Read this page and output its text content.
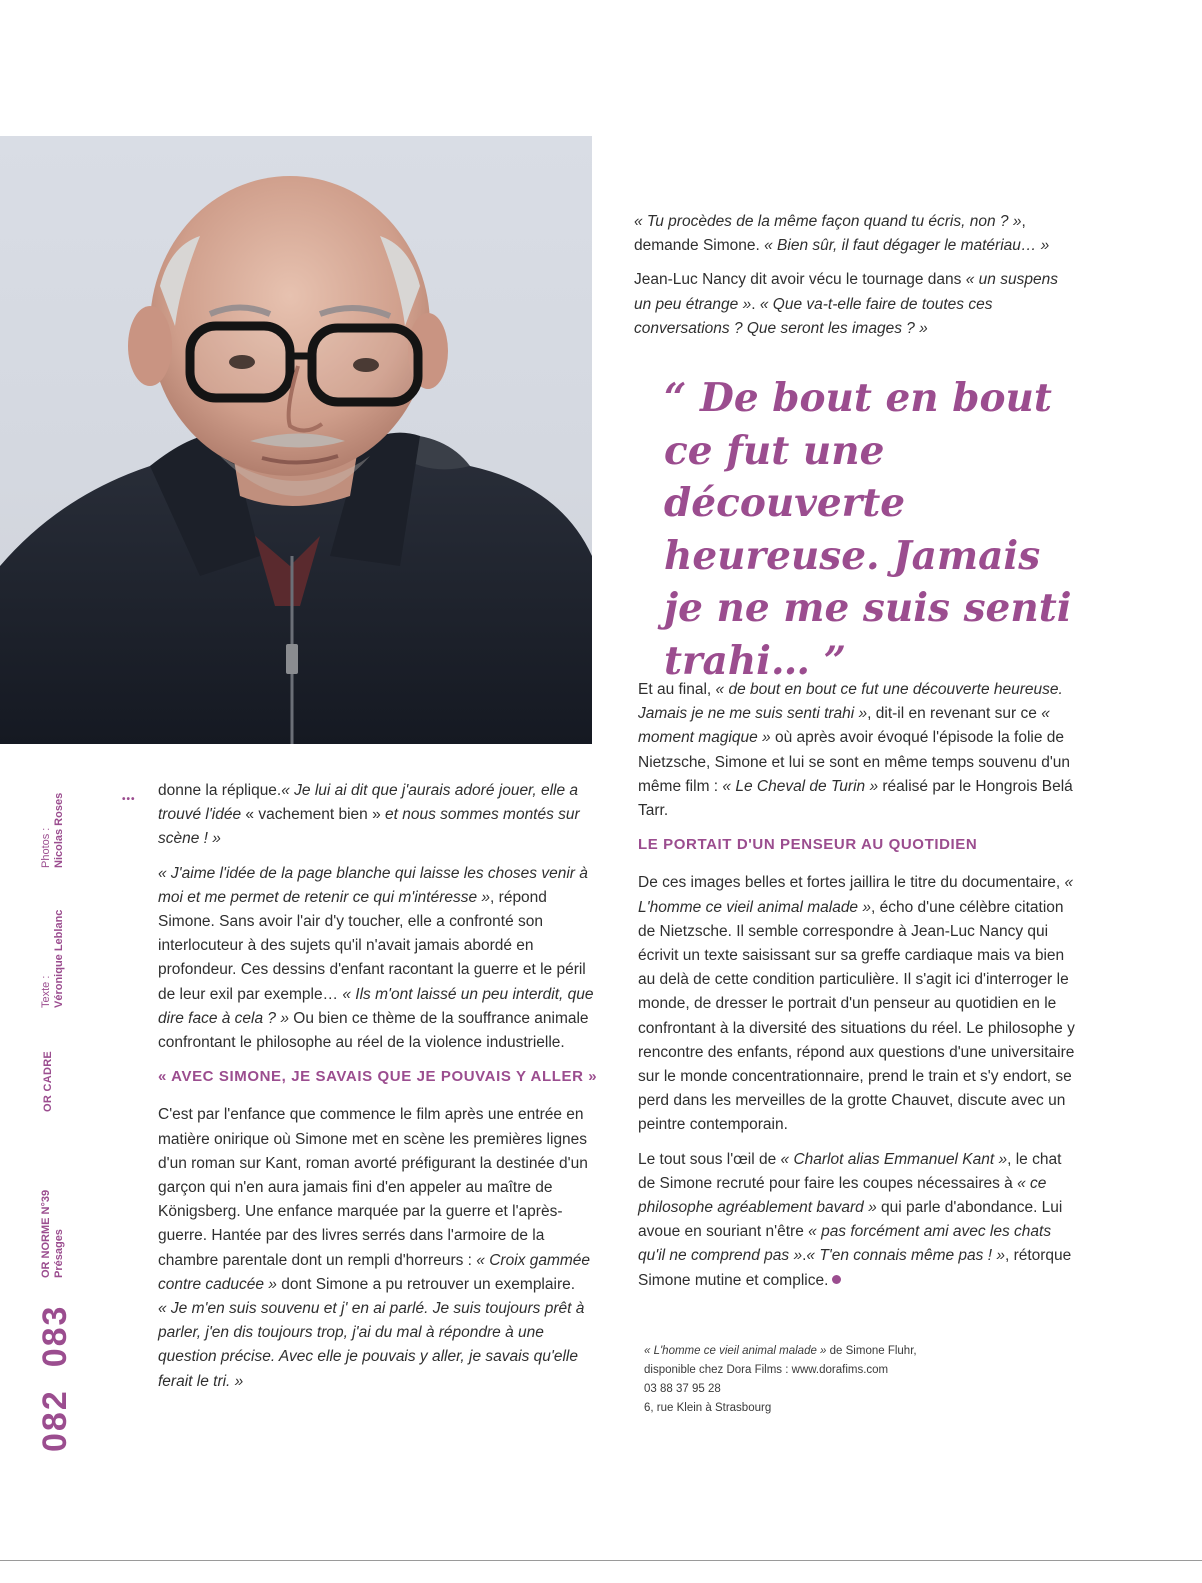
Photos :
Nicolas Roses
Texte :
Véronique Leblanc
OR CADRE
OR NORME N°39
Présages
082083
•••

donne la réplique.« Je lui ai dit que j'aurais adoré jouer, elle a trouvé l'idée « vachement bien » et nous sommes montés sur scène ! »

« J'aime l'idée de la page blanche qui laisse les choses venir à moi et me permet de retenir ce qui m'intéresse », répond Simone. Sans avoir l'air d'y toucher, elle a confronté son interlocuteur à des sujets qu'il n'avait jamais abordé en profondeur. Ces dessins d'enfant racontant la guerre et le péril de leur exil par exemple… « Ils m'ont laissé un peu interdit, que dire face à cela ? » Ou bien ce thème de la souffrance animale confrontant le philosophe au réel de la violence industrielle.

« AVEC SIMONE, JE SAVAIS QUE JE POUVAIS Y ALLER »

C'est par l'enfance que commence le film après une entrée en matière onirique où Simone met en scène les premières lignes d'un roman sur Kant, roman avorté préfigurant la destinée d'un garçon qui n'en aura jamais fini d'en appeler au maître de Königsberg. Une enfance marquée par la guerre et l'après-guerre. Hantée par des livres serrés dans l'armoire de la chambre parentale dont un rempli d'horreurs : « Croix gammée contre caducée » dont Simone a pu retrouver un exemplaire.

« Je m'en suis souvenu et j' en ai parlé. Je suis toujours prêt à parler, j'en dis toujours trop, j'ai du mal à répondre à une question précise. Avec elle je pouvais y aller, je savais qu'elle ferait le tri. »

« Tu procèdes de la même façon quand tu écris, non ? », demande Simone. « Bien sûr, il faut dégager le matériau… »

Jean-Luc Nancy dit avoir vécu le tournage dans « un suspens un peu étrange ». « Que va-t-elle faire de toutes ces conversations ? Que seront les images ? »

“ De bout en bout ce fut une découverte heureuse. Jamais je ne me suis senti trahi… ”

Et au final, « de bout en bout ce fut une découverte heureuse. Jamais je ne me suis senti trahi », dit-il en revenant sur ce « moment magique » où après avoir évoqué l'épisode la folie de Nietzsche, Simone et lui se sont en même temps souvenu d'un même film : « Le Cheval de Turin » réalisé par le Hongrois Belá Tarr.

LE PORTAIT D'UN PENSEUR AU QUOTIDIEN

De ces images belles et fortes jaillira le titre du documentaire, « L'homme ce vieil animal malade », écho d'une célèbre citation de Nietzsche. Il semble correspondre à Jean-Luc Nancy qui écrivit un texte saisissant sur sa greffe cardiaque mais va bien au delà de cette condition particulière. Il s'agit ici d'interroger le monde, de dresser le portrait d'un penseur au quotidien en le confrontant à la diversité des situations du réel. Le philosophe y rencontre des enfants, répond aux questions d'une universitaire sur le monde concentrationnaire, prend le train et s'y endort, se perd dans les merveilles de la grotte Chauvet, discute avec un peintre contemporain.

Le tout sous l'œil de « Charlot alias Emmanuel Kant », le chat de Simone recruté pour faire les coupes nécessaires à « ce philosophe agréablement bavard » qui parle d'abondance. Lui avoue en souriant n'être « pas forcément ami avec les chats qu'il ne comprend pas ».« T'en connais même pas ! », rétorque Simone mutine et complice.

« L'homme ce vieil animal malade » de Simone Fluhr,
disponible chez Dora Films : www.dorafims.com
03 88 37 95 28
6, rue Klein à Strasbourg
